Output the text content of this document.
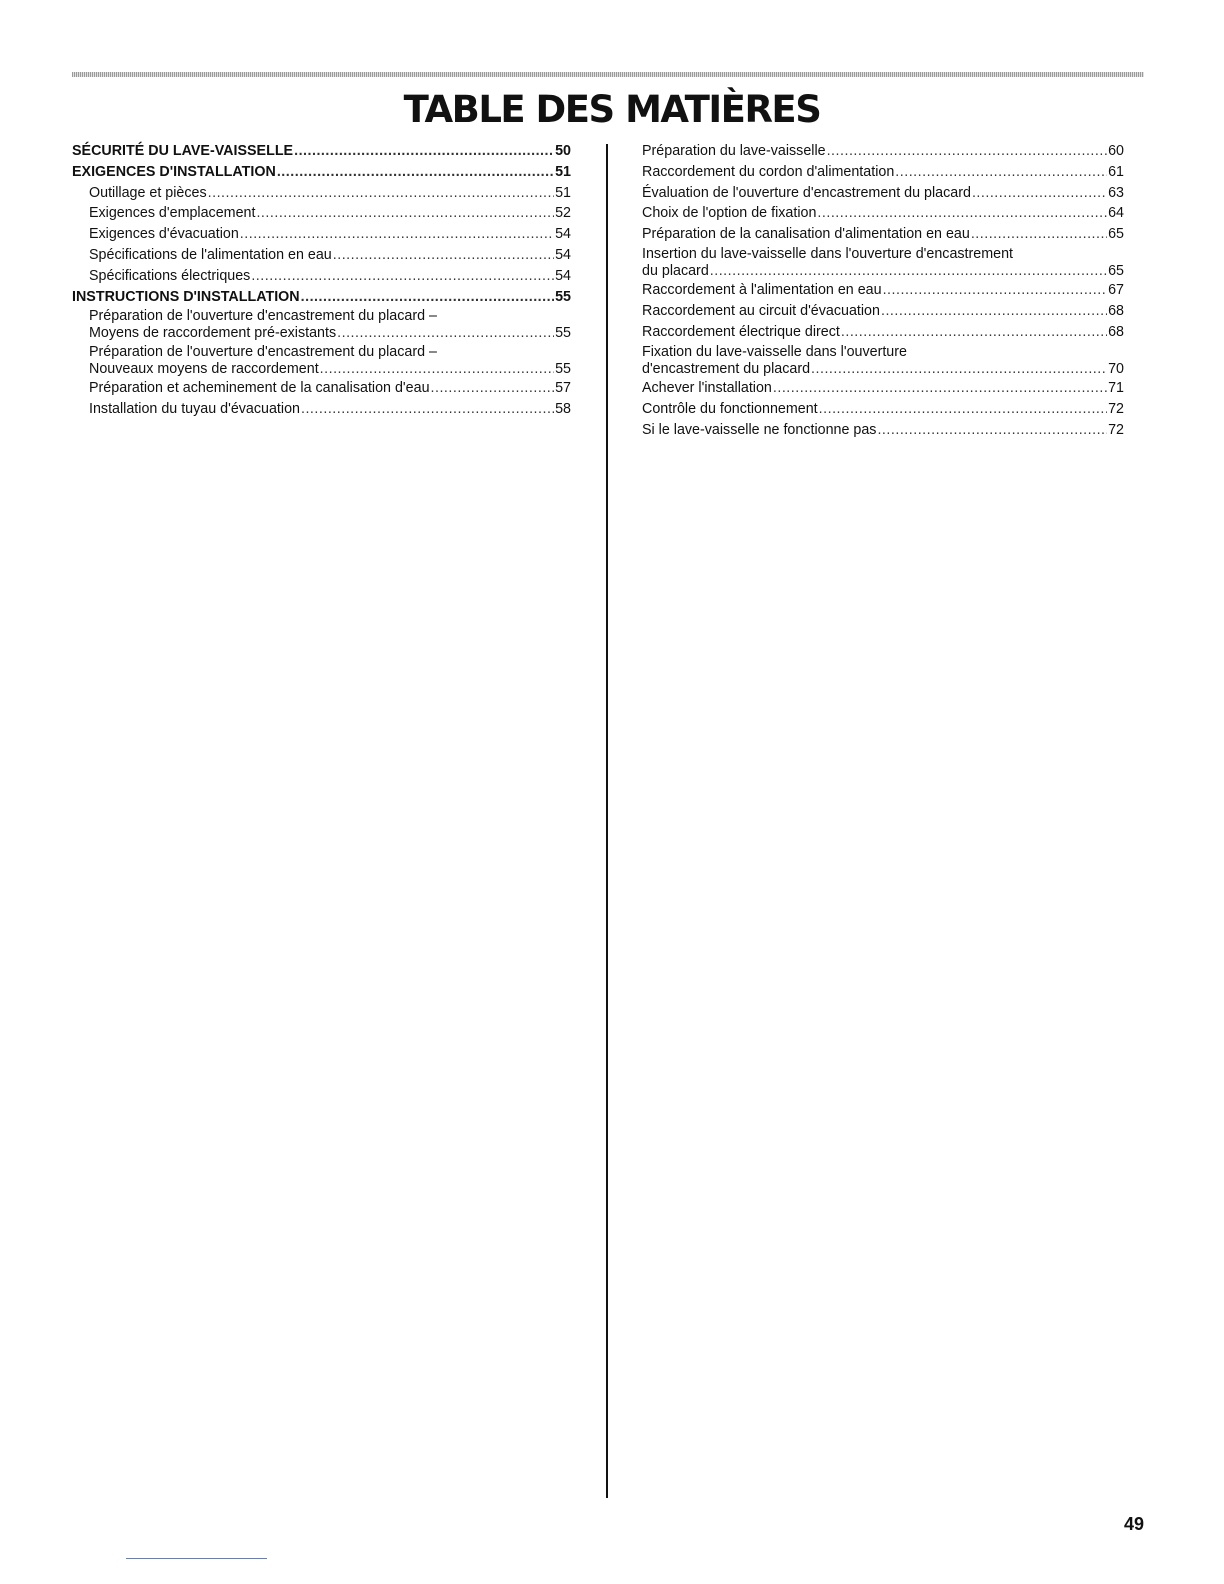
TABLE DES MATIÈRES
SÉCURITÉ DU LAVE-VAISSELLE .....	50
EXIGENCES D'INSTALLATION .....	51
Outillage et pièces .....	51
Exigences d'emplacement .....	52
Exigences d'évacuation .....	54
Spécifications de l'alimentation en eau .....	54
Spécifications électriques .....	54
INSTRUCTIONS D'INSTALLATION .....	55
Préparation de l'ouverture d'encastrement du placard –
Moyens de raccordement pré-existants .....	55
Préparation de l'ouverture d'encastrement du placard –
Nouveaux moyens de raccordement .....	55
Préparation et acheminement de la canalisation d'eau .....	57
Installation du tuyau d'évacuation .....	58
Préparation du lave-vaisselle .....	60
Raccordement du cordon d'alimentation .....	61
Évaluation de l'ouverture d'encastrement du placard .....	63
Choix de l'option de fixation .....	64
Préparation de la canalisation d'alimentation en eau .....	65
Insertion du lave-vaisselle dans l'ouverture d'encastrement
du placard .....	65
Raccordement à l'alimentation en eau .....	67
Raccordement au circuit d'évacuation .....	68
Raccordement électrique direct .....	68
Fixation du lave-vaisselle dans l'ouverture
d'encastrement du placard .....	70
Achever l'installation .....	71
Contrôle du fonctionnement .....	72
Si le lave-vaisselle ne fonctionne pas .....	72
49
